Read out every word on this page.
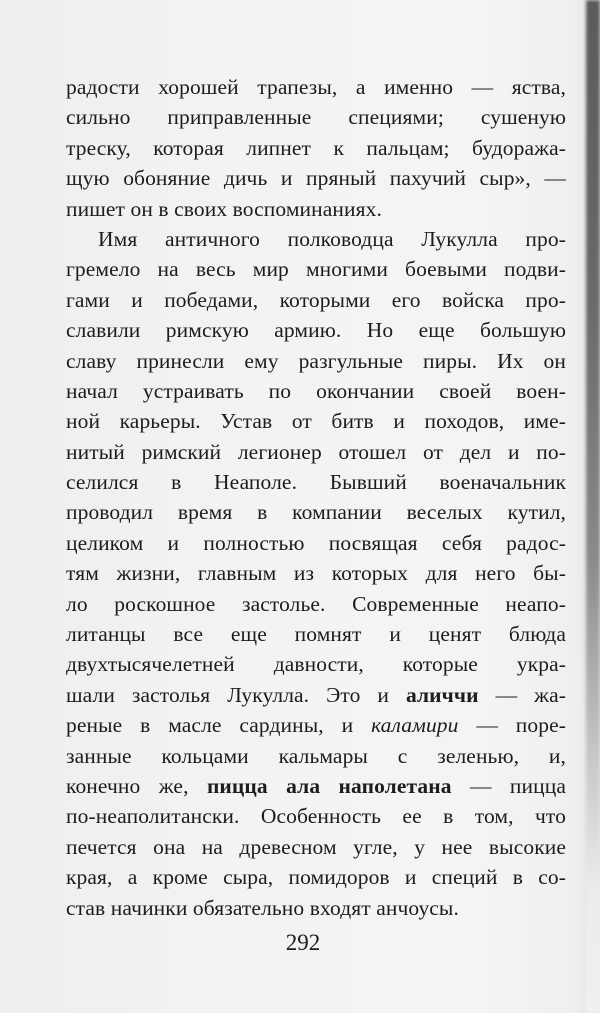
радости хорошей трапезы, а именно — яства,
сильно приправленные специями; сушеную
треску, которая липнет к пальцам; будоража-
щую обоняние дичь и пряный пахучий сыр», —
пишет он в своих воспоминаниях.
Имя античного полководца Лукулла про-
гремело на весь мир многими боевыми подви-
гами и победами, которыми его войска про-
славили римскую армию. Но еще большую
славу принесли ему разгульные пиры. Их он
начал устраивать по окончании своей воен-
ной карьеры. Устав от битв и походов, име-
нитый римский легионер отошел от дел и по-
селился в Неаполе. Бывший военачальник
проводил время в компании веселых кутил,
целиком и полностью посвящая себя радос-
тям жизни, главным из которых для него бы-
ло роскошное застолье. Современные неапо-
литанцы все еще помнят и ценят блюда
двухтысячелетней давности, которые укра-
шали застолья Лукулла. Это и аличчи — жа-
реные в масле сардины, и каламири — поре-
занные кольцами кальмары с зеленью, и,
конечно же, пицца ала наполетана — пицца
по-неаполитански. Особенность ее в том, что
печется она на древесном угле, у нее высокие
края, а кроме сыра, помидоров и специй в со-
став начинки обязательно входят анчоусы.
292
